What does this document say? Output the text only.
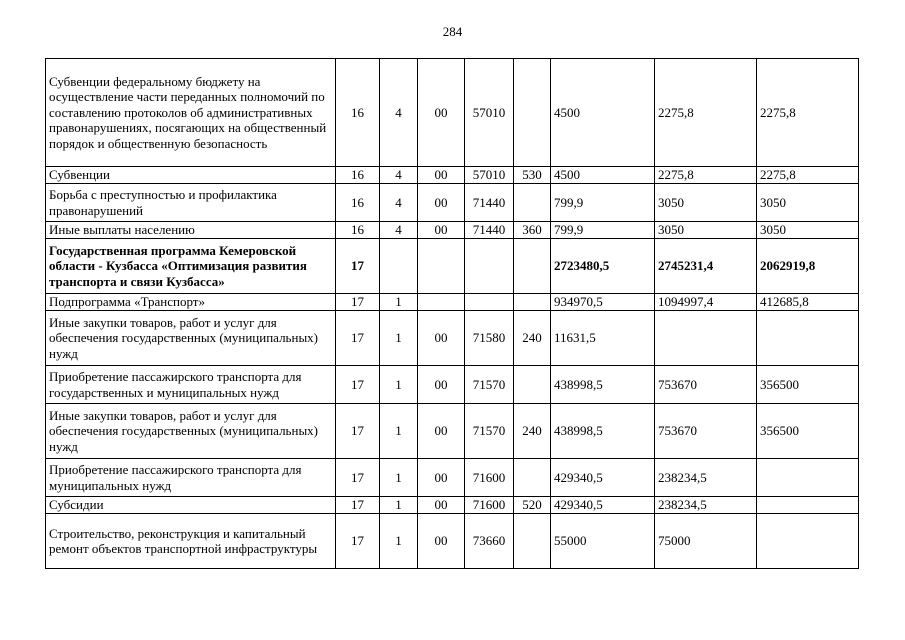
284
Субвенции федеральному бюджету на осуществление части переданных полномочий по составлению протоколов об административных правонарушениях, посягающих на общественный порядок и общественную безопасность	16	4	00	57010		4500	2275,8	2275,8
Субвенции	16	4	00	57010	530	4500	2275,8	2275,8
Борьба с преступностью и профилактика правонарушений	16	4	00	71440		799,9	3050	3050
Иные выплаты населению	16	4	00	71440	360	799,9	3050	3050
Государственная программа Кемеровской области - Кузбасса «Оптимизация развития транспорта и связи Кузбасса»	17					2723480,5	2745231,4	2062919,8
Подпрограмма «Транспорт»	17	1				934970,5	1094997,4	412685,8
Иные закупки товаров, работ и услуг для обеспечения государственных (муниципальных) нужд	17	1	00	71580	240	11631,5		
Приобретение пассажирского транспорта для государственных и муниципальных нужд	17	1	00	71570		438998,5	753670	356500
Иные закупки товаров, работ и услуг для обеспечения государственных (муниципальных) нужд	17	1	00	71570	240	438998,5	753670	356500
Приобретение пассажирского транспорта для муниципальных нужд	17	1	00	71600		429340,5	238234,5	
Субсидии	17	1	00	71600	520	429340,5	238234,5	
Строительство, реконструкция и капитальный ремонт объектов транспортной инфраструктуры	17	1	00	73660		55000	75000	
